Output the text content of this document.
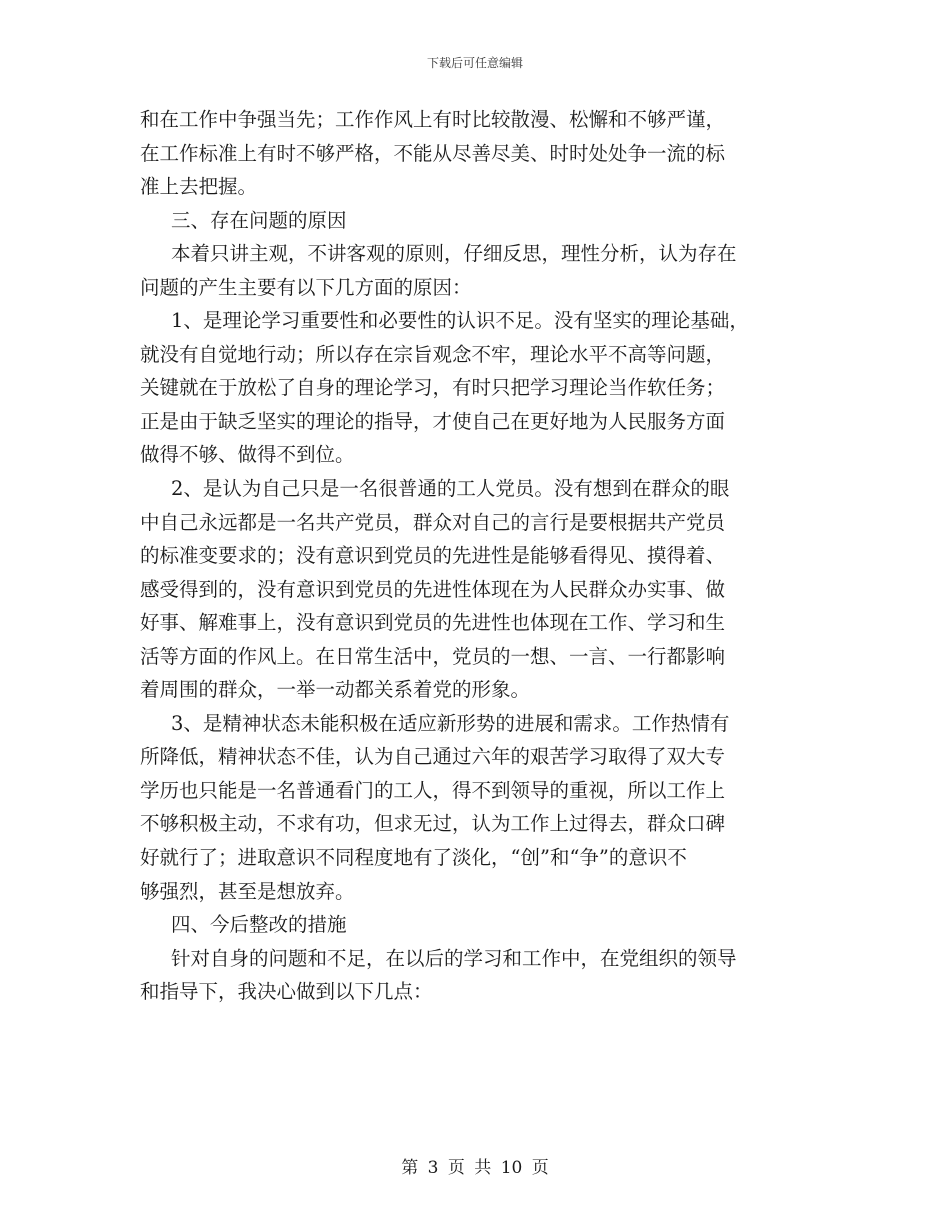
下载后可任意编辑
和在工作中争强当先；工作作风上有时比较散漫、松懈和不够严谨，
在工作标准上有时不够严格，不能从尽善尽美、时时处处争一流的标
准上去把握。
三、存在问题的原因
本着只讲主观，不讲客观的原则，仔细反思，理性分析，认为存在
问题的产生主要有以下几方面的原因：
1、是理论学习重要性和必要性的认识不足。没有坚实的理论基础，
就没有自觉地行动；所以存在宗旨观念不牢，理论水平不高等问题，
关键就在于放松了自身的理论学习，有时只把学习理论当作软任务；
正是由于缺乏坚实的理论的指导，才使自己在更好地为人民服务方面
做得不够、做得不到位。
2、是认为自己只是一名很普通的工人党员。没有想到在群众的眼
中自己永远都是一名共产党员，群众对自己的言行是要根据共产党员
的标准变要求的；没有意识到党员的先进性是能够看得见、摸得着、
感受得到的，没有意识到党员的先进性体现在为人民群众办实事、做
好事、解难事上，没有意识到党员的先进性也体现在工作、学习和生
活等方面的作风上。在日常生活中，党员的一想、一言、一行都影响
着周围的群众，一举一动都关系着党的形象。
3、是精神状态未能积极在适应新形势的进展和需求。工作热情有
所降低，精神状态不佳，认为自己通过六年的艰苦学习取得了双大专
学历也只能是一名普通看门的工人，得不到领导的重视，所以工作上
不够积极主动，不求有功，但求无过，认为工作上过得去，群众口碑
好就行了；进取意识不同程度地有了淡化，“创”和“争”的意识不
够强烈，甚至是想放弃。
四、今后整改的措施
针对自身的问题和不足，在以后的学习和工作中，在党组织的领导
和指导下，我决心做到以下几点：
第 3 页 共 10 页
